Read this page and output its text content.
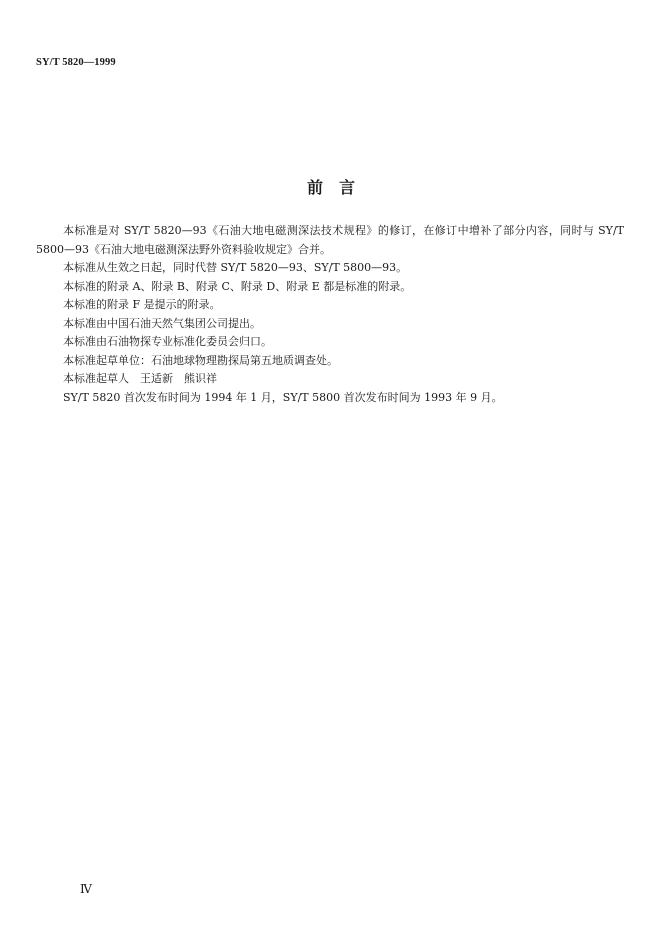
SY/T 5820—1999
前　言

本标准是对 SY/T 5820—93《石油大地电磁测深法技术规程》的修订，在修订中增补了部分内容，同时与 SY/T 5800—93《石油大地电磁测深法野外资料验收规定》合并。

本标准从生效之日起，同时代替 SY/T 5820—93、SY/T 5800—93。

本标准的附录 A、附录 B、附录 C、附录 D、附录 E 都是标准的附录。

本标准的附录 F 是提示的附录。

本标准由中国石油天然气集团公司提出。

本标准由石油物探专业标准化委员会归口。

本标准起草单位：石油地球物理勘探局第五地质调查处。

本标准起草人　王适新　熊识祥

SY/T 5820 首次发布时间为 1994 年 1 月，SY/T 5800 首次发布时间为 1993 年 9 月。

Ⅳ
